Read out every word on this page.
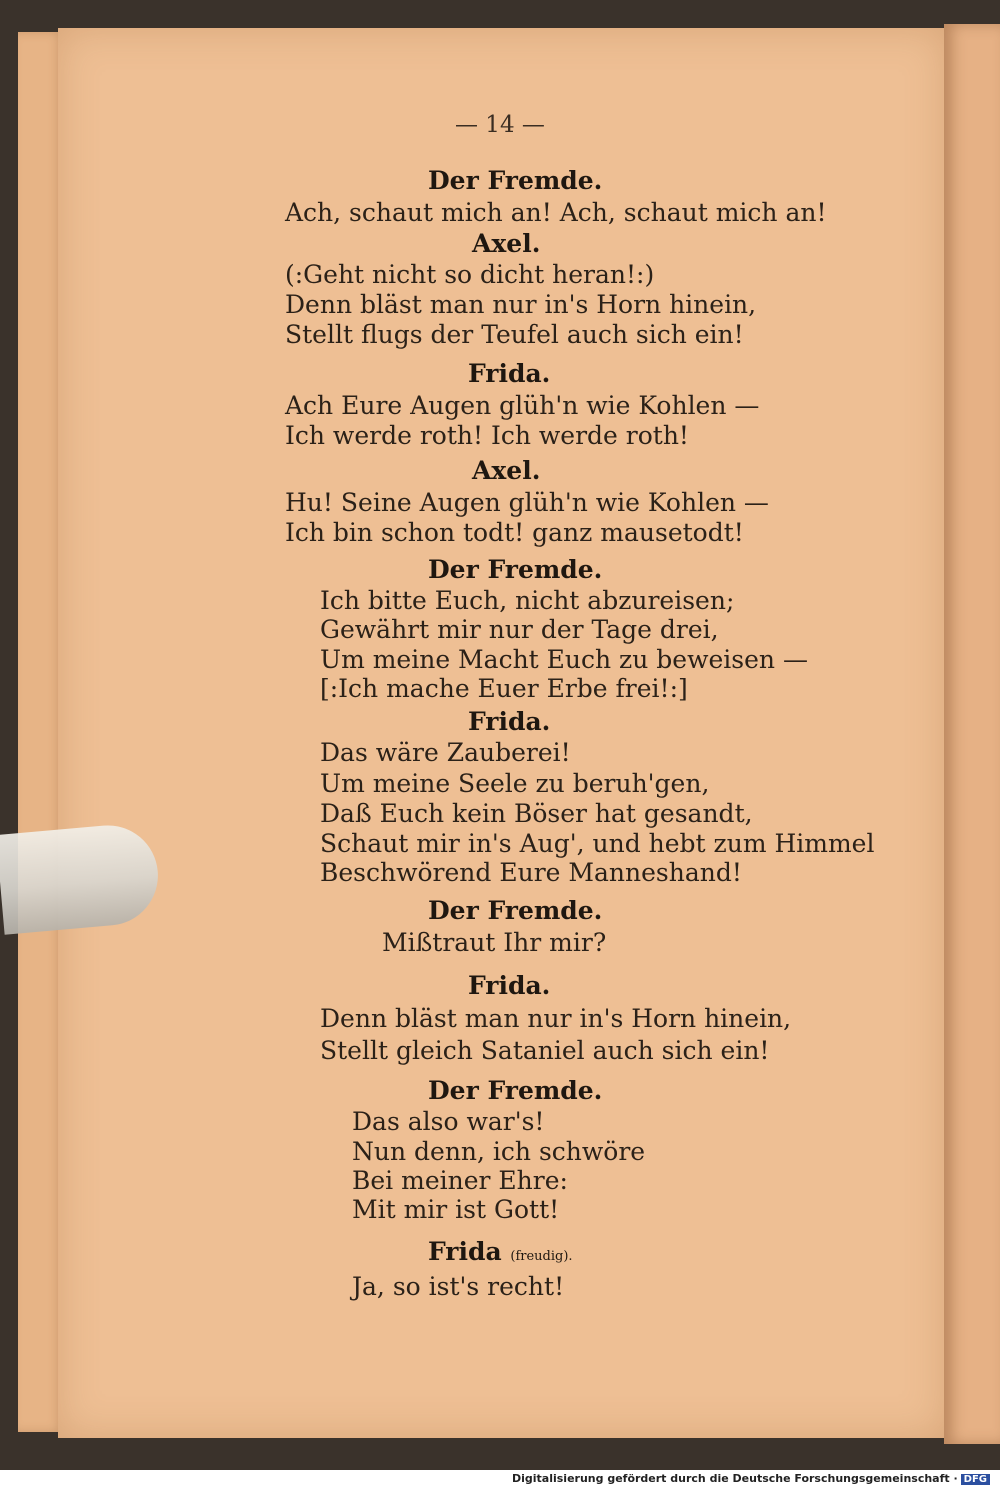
— 14 —
Der Fremde.
Ach, schaut mich an! Ach, schaut mich an!
Axel.
(:Geht nicht so dicht heran!:)
Denn bläst man nur in's Horn hinein,
Stellt flugs der Teufel auch sich ein!
Frida.
Ach Eure Augen glüh'n wie Kohlen —
Ich werde roth! Ich werde roth!
Axel.
Hu! Seine Augen glüh'n wie Kohlen —
Ich bin schon todt! ganz mausetodt!
Der Fremde.
Ich bitte Euch, nicht abzureisen;
Gewährt mir nur der Tage drei,
Um meine Macht Euch zu beweisen —
[:Ich mache Euer Erbe frei!:]
Frida.
Das wäre Zauberei!
Um meine Seele zu beruh'gen,
Daß Euch kein Böser hat gesandt,
Schaut mir in's Aug', und hebt zum Himmel
Beschwörend Eure Manneshand!
Der Fremde.
Mißtraut Ihr mir?
Frida.
Denn bläst man nur in's Horn hinein,
Stellt gleich Sataniel auch sich ein!
Der Fremde.
Das also war's!
Nun denn, ich schwöre
Bei meiner Ehre:
Mit mir ist Gott!
Frida (freudig).
Ja, so ist's recht!
Digitalisierung gefördert durch die Deutsche Forschungsgemeinschaft · DFG
